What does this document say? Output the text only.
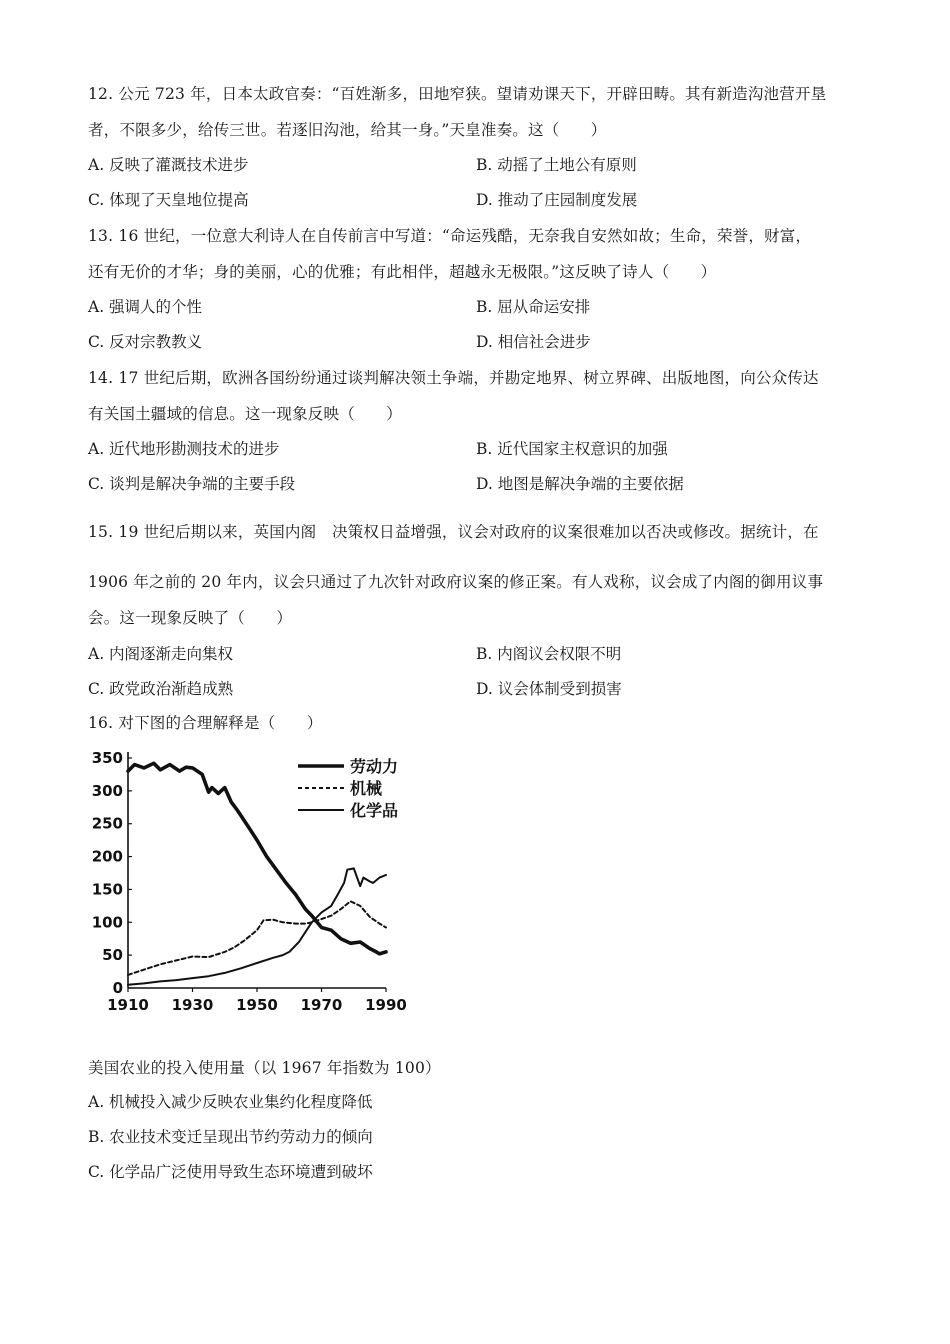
12. 公元 723 年，日本太政官奏：“百姓渐多，田地窄狭。望请劝课天下，开辟田畴。其有新造沟池营开垦
者，不限多少，给传三世。若逐旧沟池，给其一身。”天皇准奏。这（　　）
A. 反映了灌溉技术进步	B. 动摇了土地公有原则
C. 体现了天皇地位提高	D. 推动了庄园制度发展
13. 16 世纪，一位意大利诗人在自传前言中写道：“命运残酷，无奈我自安然如故；生命，荣誉，财富，
还有无价的才华；身的美丽，心的优雅；有此相伴，超越永无极限。”这反映了诗人（　　）
A. 强调人的个性	B. 屈从命运安排
C. 反对宗教教义	D. 相信社会进步
14. 17 世纪后期，欧洲各国纷纷通过谈判解决领土争端，并勘定地界、树立界碑、出版地图，向公众传达
有关国土疆域的信息。这一现象反映（　　）
A. 近代地形勘测技术的进步	B. 近代国家主权意识的加强
C. 谈判是解决争端的主要手段	D. 地图是解决争端的主要依据
15. 19 世纪后期以来，英国内阁　决策权日益增强，议会对政府的议案很难加以否决或修改。据统计，在
1906 年之前的 20 年内，议会只通过了九次针对政府议案的修正案。有人戏称，议会成了内阁的御用议事
会。这一现象反映了（　　）
A. 内阁逐渐走向集权	B. 内阁议会权限不明
C. 政党政治渐趋成熟	D. 议会体制受到损害
16. 对下图的合理解释是（　　）
0
50
100
150
200
250
300
350
1910 1930 1950 1970 1990
劳动力
机械
化学品
美国农业的投入使用量（以 1967 年指数为 100）
A. 机械投入减少反映农业集约化程度降低
B. 农业技术变迁呈现出节约劳动力的倾向
C. 化学品广泛使用导致生态环境遭到破坏
